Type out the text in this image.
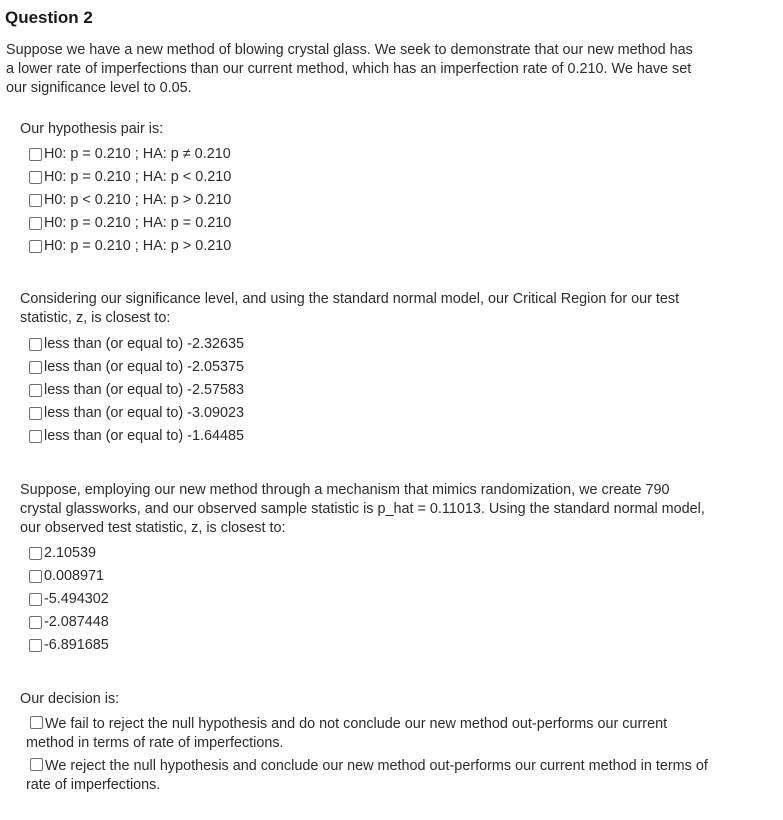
Question 2
Suppose we have a new method of blowing crystal glass. We seek to demonstrate that our new method has a lower rate of imperfections than our current method, which has an imperfection rate of 0.210. We have set our significance level to 0.05.
Our hypothesis pair is:
H0: p = 0.210 ; HA: p ≠ 0.210
H0: p = 0.210 ; HA: p < 0.210
H0: p < 0.210 ; HA: p > 0.210
H0: p = 0.210 ; HA: p = 0.210
H0: p = 0.210 ; HA: p > 0.210
Considering our significance level, and using the standard normal model, our Critical Region for our test statistic, z, is closest to:
less than (or equal to) -2.32635
less than (or equal to) -2.05375
less than (or equal to) -2.57583
less than (or equal to) -3.09023
less than (or equal to) -1.64485
Suppose, employing our new method through a mechanism that mimics randomization, we create 790 crystal glassworks, and our observed sample statistic is p_hat = 0.11013. Using the standard normal model, our observed test statistic, z, is closest to:
2.10539
0.008971
-5.494302
-2.087448
-6.891685
Our decision is:
We fail to reject the null hypothesis and do not conclude our new method out-performs our current method in terms of rate of imperfections.
We reject the null hypothesis and conclude our new method out-performs our current method in terms of rate of imperfections.
